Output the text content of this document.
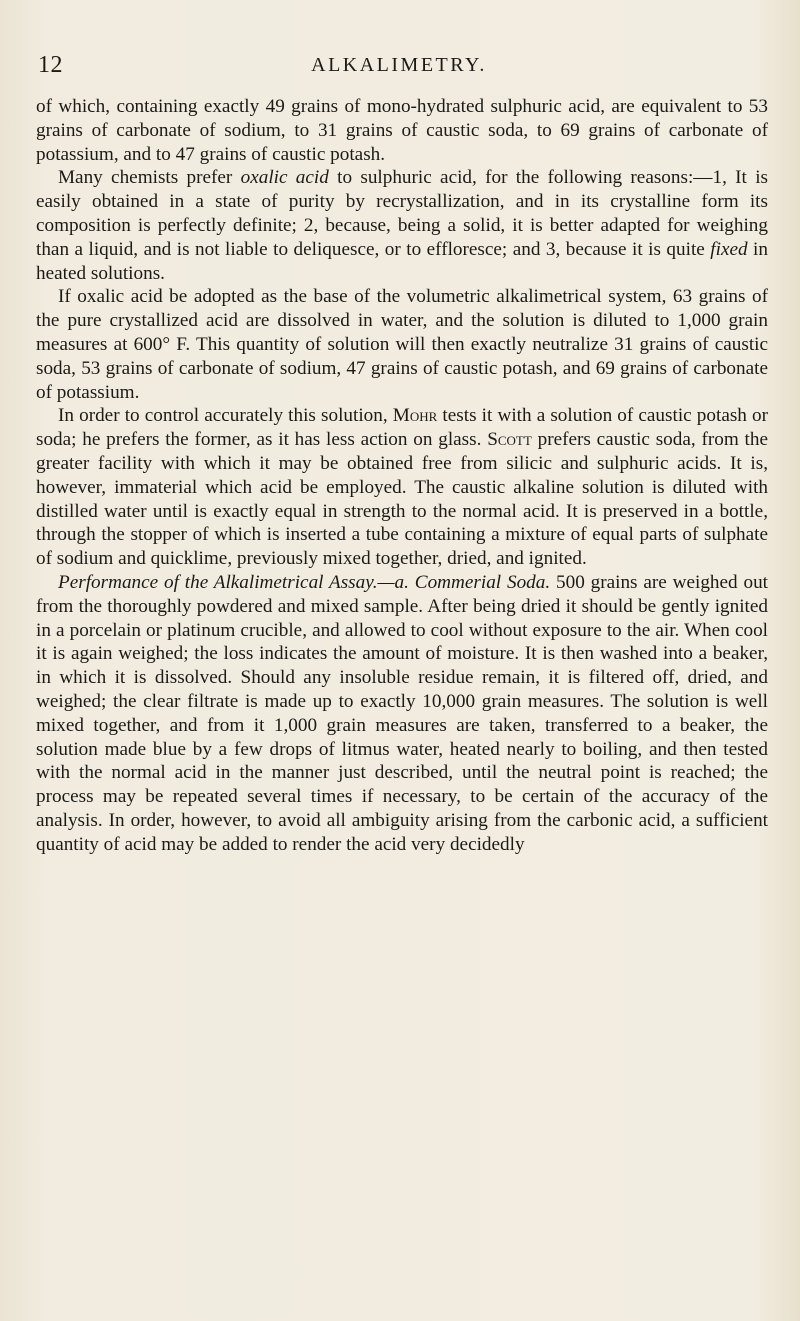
12	ALKALIMETRY.

of which, containing exactly 49 grains of mono-hydrated sulphuric acid, are equivalent to 53 grains of carbonate of sodium, to 31 grains of caustic soda, to 69 grains of carbonate of potassium, and to 47 grains of caustic potash.

Many chemists prefer oxalic acid to sulphuric acid, for the following reasons:—1, It is easily obtained in a state of purity by recrystallization, and in its crystalline form its composition is perfectly definite; 2, because, being a solid, it is better adapted for weighing than a liquid, and is not liable to deliquesce, or to effloresce; and 3, because it is quite fixed in heated solutions.

If oxalic acid be adopted as the base of the volumetric alkalimetrical system, 63 grains of the pure crystallized acid are dissolved in water, and the solution is diluted to 1,000 grain measures at 600° F. This quantity of solution will then exactly neutralize 31 grains of caustic soda, 53 grains of carbonate of sodium, 47 grains of caustic potash, and 69 grains of carbonate of potassium.

In order to control accurately this solution, Mohr tests it with a solution of caustic potash or soda; he prefers the former, as it has less action on glass. Scott prefers caustic soda, from the greater facility with which it may be obtained free from silicic and sulphuric acids. It is, however, immaterial which acid be employed. The caustic alkaline solution is diluted with distilled water until is exactly equal in strength to the normal acid. It is preserved in a bottle, through the stopper of which is inserted a tube containing a mixture of equal parts of sulphate of sodium and quicklime, previously mixed together, dried, and ignited.

Performance of the Alkalimetrical Assay.—a. Commerial Soda. 500 grains are weighed out from the thoroughly powdered and mixed sample. After being dried it should be gently ignited in a porcelain or platinum crucible, and allowed to cool without exposure to the air. When cool it is again weighed; the loss indicates the amount of moisture. It is then washed into a beaker, in which it is dissolved. Should any insoluble residue remain, it is filtered off, dried, and weighed; the clear filtrate is made up to exactly 10,000 grain measures. The solution is well mixed together, and from it 1,000 grain measures are taken, transferred to a beaker, the solution made blue by a few drops of litmus water, heated nearly to boiling, and then tested with the normal acid in the manner just described, until the neutral point is reached; the process may be repeated several times if necessary, to be certain of the accuracy of the analysis. In order, however, to avoid all ambiguity arising from the carbonic acid, a sufficient quantity of acid may be added to render the acid very decidedly
